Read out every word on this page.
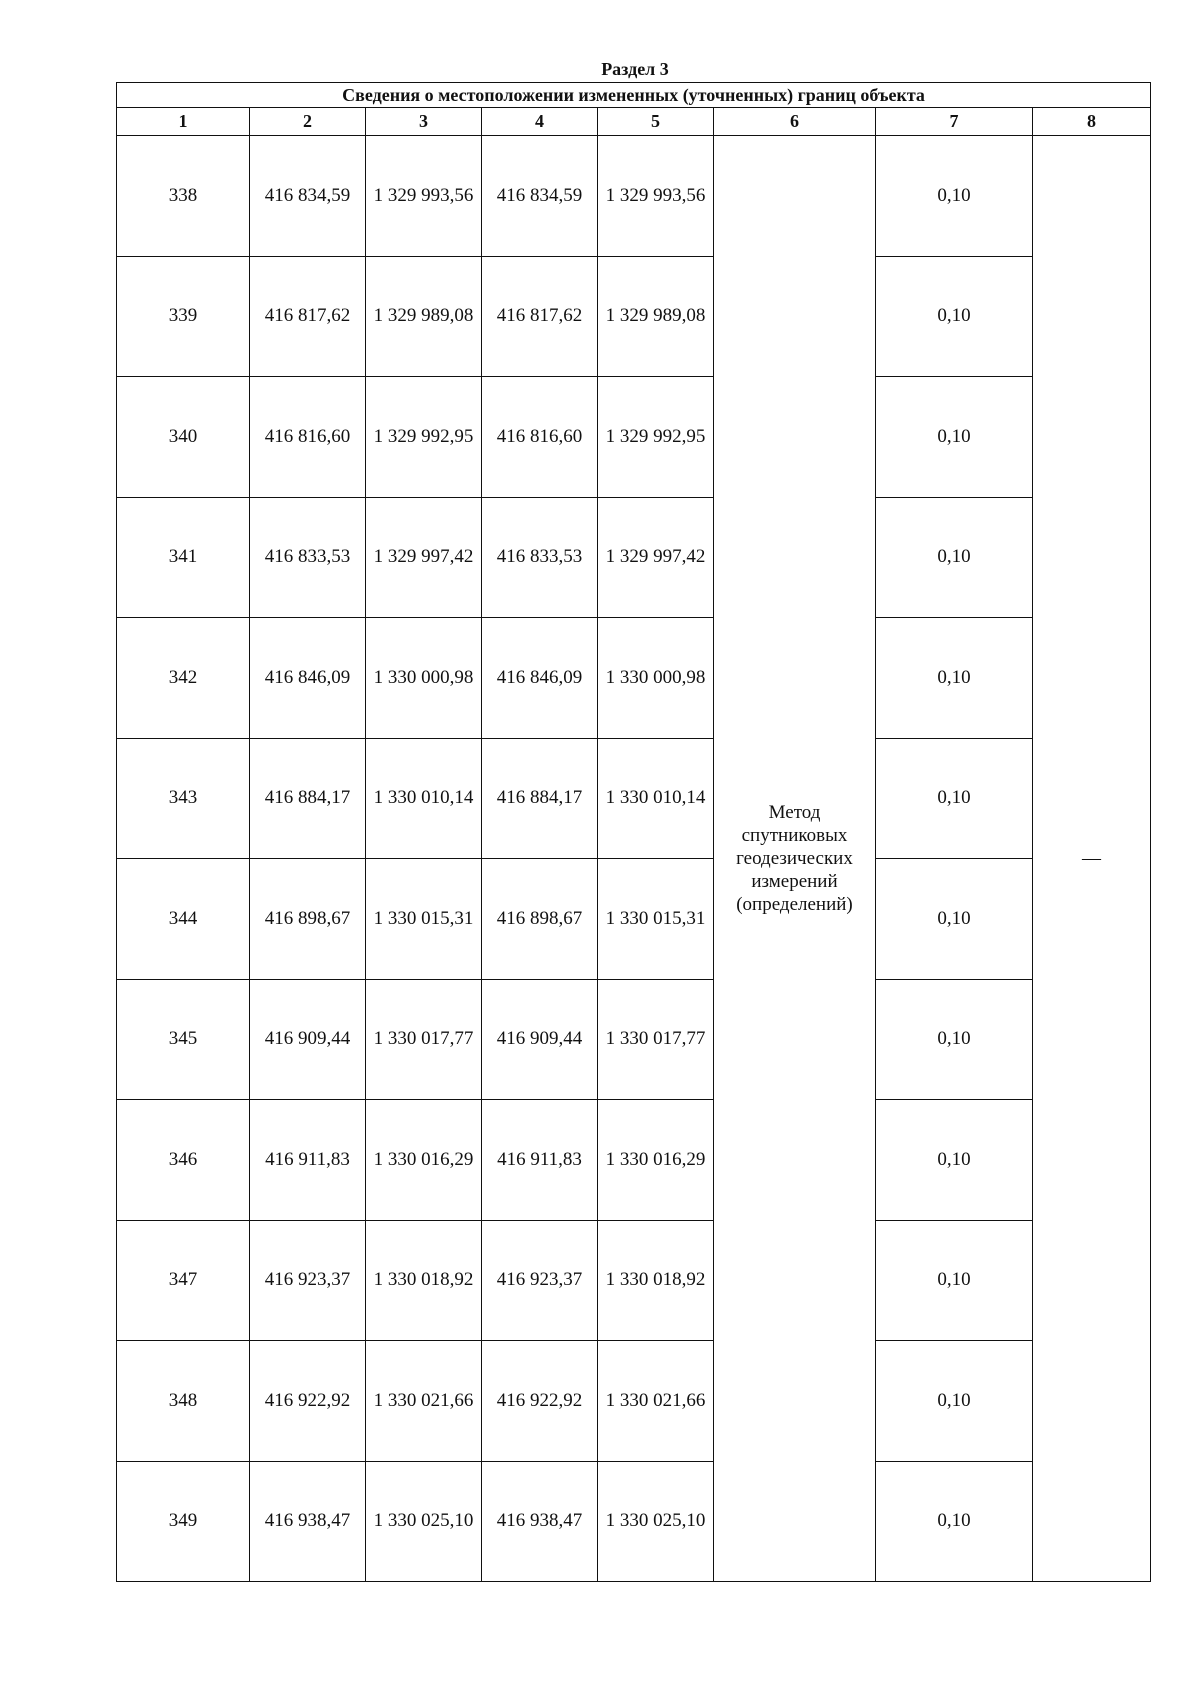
Раздел 3
Сведения о местоположении измененных (уточненных) границ объекта							
1	2	3	4	5	6	7	8
338	416 834,59	1 329 993,56	416 834,59	1 329 993,56	Метод спутниковых геодезических измерений (определений)	0,10	—
339	416 817,62	1 329 989,08	416 817,62	1 329 989,08		0,10	
340	416 816,60	1 329 992,95	416 816,60	1 329 992,95		0,10	
341	416 833,53	1 329 997,42	416 833,53	1 329 997,42		0,10	
342	416 846,09	1 330 000,98	416 846,09	1 330 000,98		0,10	
343	416 884,17	1 330 010,14	416 884,17	1 330 010,14		0,10	
344	416 898,67	1 330 015,31	416 898,67	1 330 015,31		0,10	
345	416 909,44	1 330 017,77	416 909,44	1 330 017,77		0,10	
346	416 911,83	1 330 016,29	416 911,83	1 330 016,29		0,10	
347	416 923,37	1 330 018,92	416 923,37	1 330 018,92		0,10	
348	416 922,92	1 330 021,66	416 922,92	1 330 021,66		0,10	
349	416 938,47	1 330 025,10	416 938,47	1 330 025,10		0,10	
